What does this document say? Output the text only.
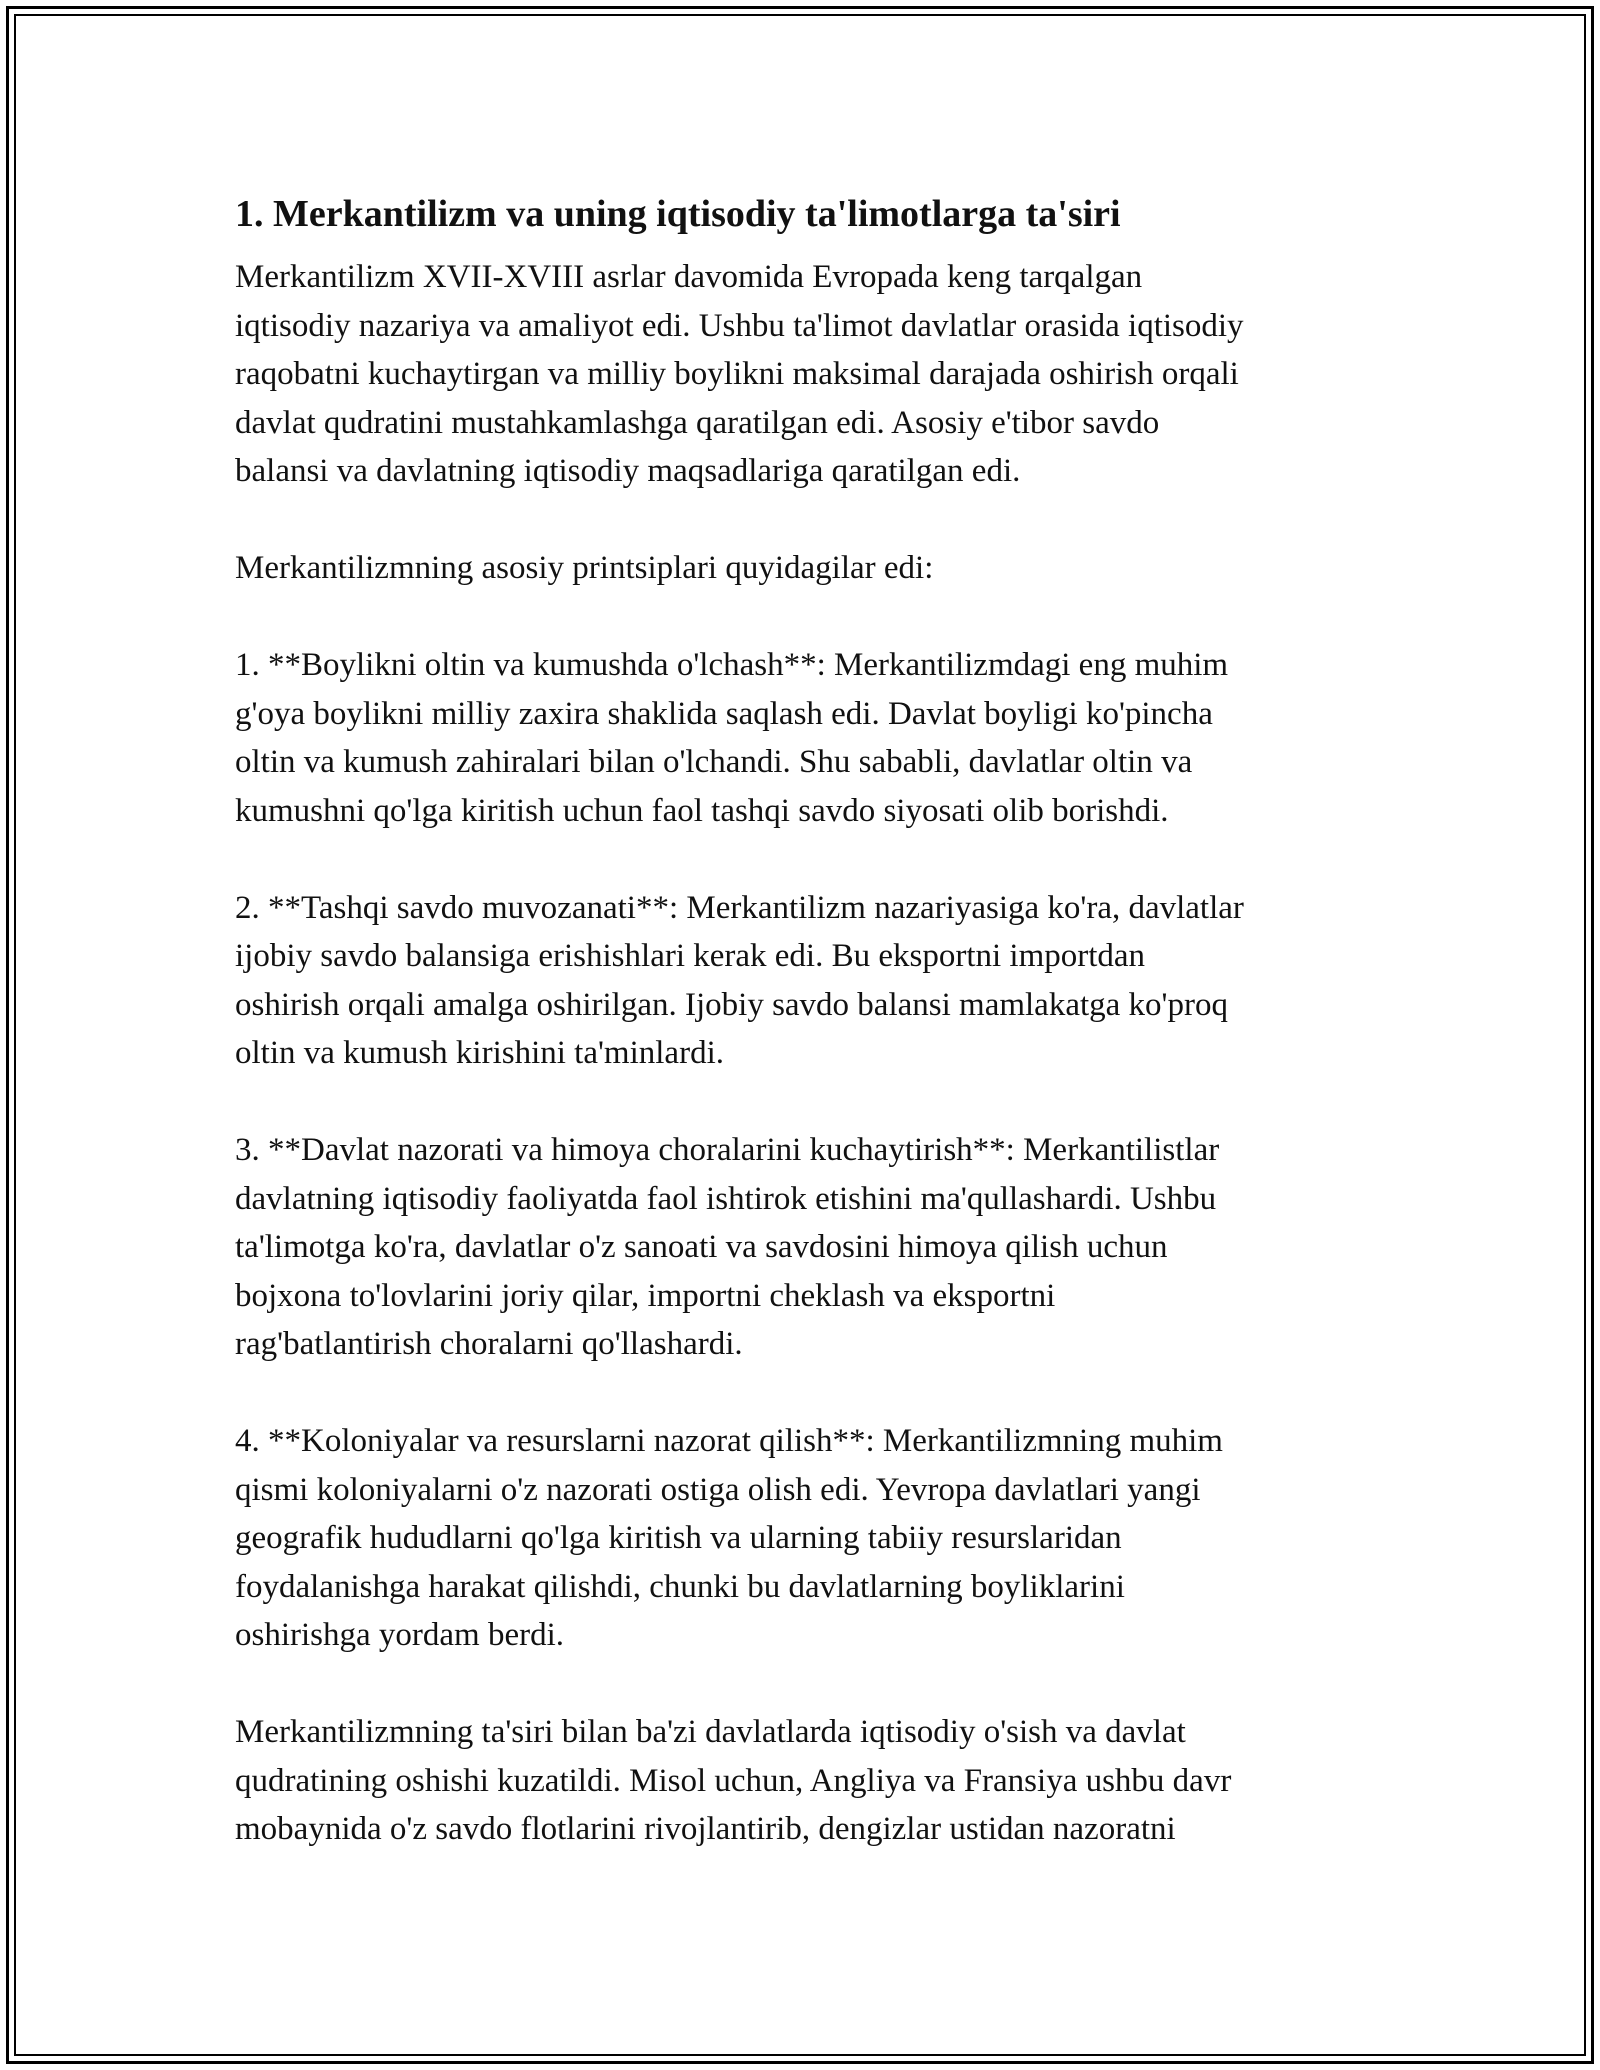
1. Merkantilizm va uning iqtisodiy ta'limotlarga ta'siri

Merkantilizm XVII-XVIII asrlar davomida Evropada keng tarqalgan
iqtisodiy nazariya va amaliyot edi. Ushbu ta'limot davlatlar orasida iqtisodiy
raqobatni kuchaytirgan va milliy boylikni maksimal darajada oshirish orqali
davlat qudratini mustahkamlashga qaratilgan edi. Asosiy e'tibor savdo
balansi va davlatning iqtisodiy maqsadlariga qaratilgan edi.

Merkantilizmning asosiy printsiplari quyidagilar edi:

1. **Boylikni oltin va kumushda o'lchash**: Merkantilizmdagi eng muhim
g'oya boylikni milliy zaxira shaklida saqlash edi. Davlat boyligi ko'pincha
oltin va kumush zahiralari bilan o'lchandi. Shu sababli, davlatlar oltin va
kumushni qo'lga kiritish uchun faol tashqi savdo siyosati olib borishdi.

2. **Tashqi savdo muvozanati**: Merkantilizm nazariyasiga ko'ra, davlatlar
ijobiy savdo balansiga erishishlari kerak edi. Bu eksportni importdan
oshirish orqali amalga oshirilgan. Ijobiy savdo balansi mamlakatga ko'proq
oltin va kumush kirishini ta'minlardi.

3. **Davlat nazorati va himoya choralarini kuchaytirish**: Merkantilistlar
davlatning iqtisodiy faoliyatda faol ishtirok etishini ma'qullashardi. Ushbu
ta'limotga ko'ra, davlatlar o'z sanoati va savdosini himoya qilish uchun
bojxona to'lovlarini joriy qilar, importni cheklash va eksportni
rag'batlantirish choralarni qo'llashardi.

4. **Koloniyalar va resurslarni nazorat qilish**: Merkantilizmning muhim
qismi koloniyalarni o'z nazorati ostiga olish edi. Yevropa davlatlari yangi
geografik hududlarni qo'lga kiritish va ularning tabiiy resurslaridan
foydalanishga harakat qilishdi, chunki bu davlatlarning boyliklarini
oshirishga yordam berdi.

Merkantilizmning ta'siri bilan ba'zi davlatlarda iqtisodiy o'sish va davlat
qudratining oshishi kuzatildi. Misol uchun, Angliya va Fransiya ushbu davr
mobaynida o'z savdo flotlarini rivojlantirib, dengizlar ustidan nazoratni
